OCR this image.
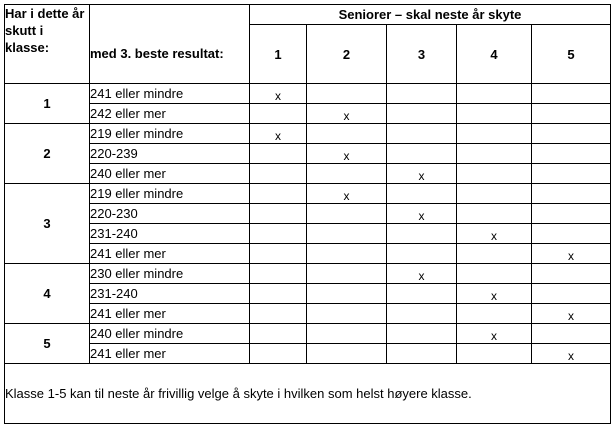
Har i dette år skutt i klasse:		Seniorer – skal neste år skyte				
	med 3. beste resultat:	1	2	3	4	5
1	241 eller mindre	x				
	242 eller mer		x			
2	219 eller mindre	x				
	220-239		x			
	240 eller mer			x		
3	219 eller mindre		x			
	220-230			x		
	231-240				x	
	241 eller mer					x
4	230 eller mindre			x		
	231-240				x	
	241 eller mer					x
5	240 eller mindre				x	
	241 eller mer					x
Klasse 1-5 kan til neste år frivillig velge å skyte i hvilken som helst høyere klasse.						
